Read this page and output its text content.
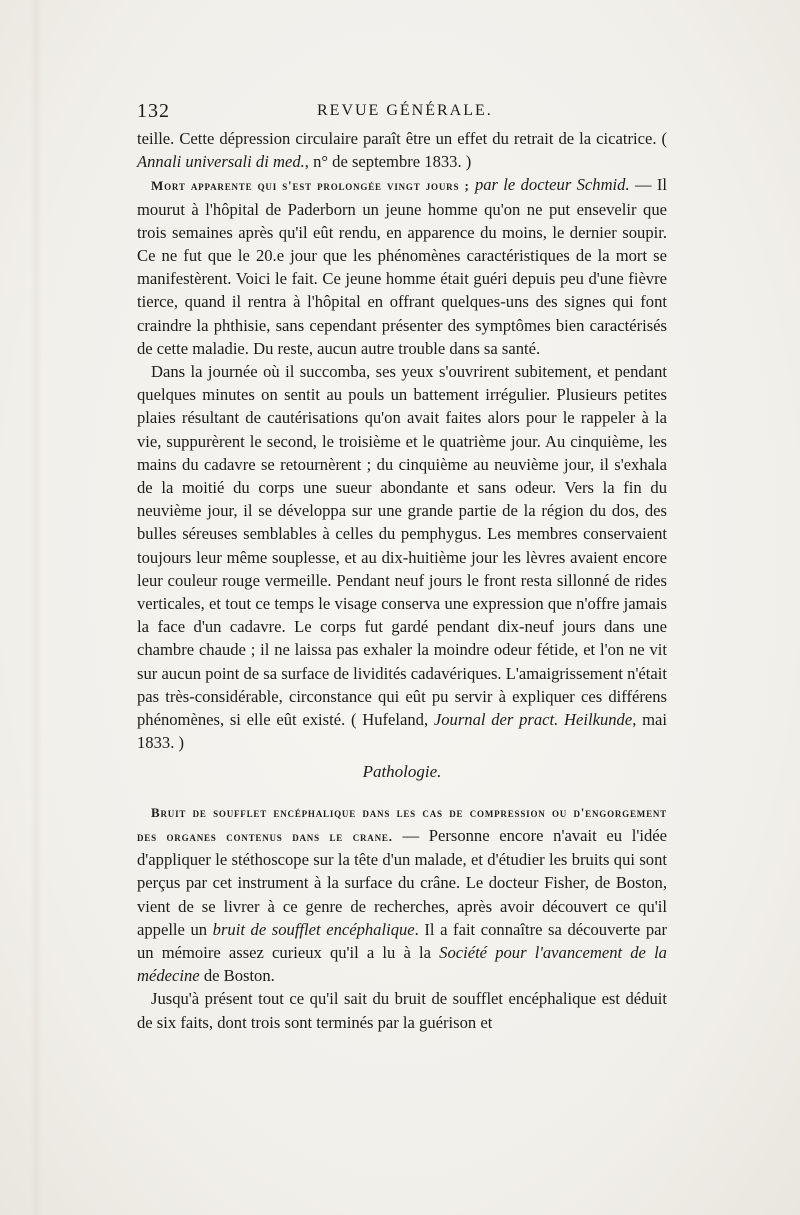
132	REVUE GÉNÉRALE.

teille. Cette dépression circulaire paraît être un effet du retrait de la cicatrice. ( Annali universali di med., n° de septembre 1833. )

Mort apparente qui s'est prolongée vingt jours ; par le docteur Schmid. — Il mourut à l'hôpital de Paderborn un jeune homme qu'on ne put ensevelir que trois semaines après qu'il eût rendu, en apparence du moins, le dernier soupir. Ce ne fut que le 20.e jour que les phénomènes caractéristiques de la mort se manifestèrent. Voici le fait. Ce jeune homme était guéri depuis peu d'une fièvre tierce, quand il rentra à l'hôpital en offrant quelques-uns des signes qui font craindre la phthisie, sans cependant présenter des symptômes bien caractérisés de cette maladie. Du reste, aucun autre trouble dans sa santé.

Dans la journée où il succomba, ses yeux s'ouvrirent subitement, et pendant quelques minutes on sentit au pouls un battement irrégulier. Plusieurs petites plaies résultant de cautérisations qu'on avait faites alors pour le rappeler à la vie, suppurèrent le second, le troisième et le quatrième jour. Au cinquième, les mains du cadavre se retournèrent ; du cinquième au neuvième jour, il s'exhala de la moitié du corps une sueur abondante et sans odeur. Vers la fin du neuvième jour, il se développa sur une grande partie de la région du dos, des bulles séreuses semblables à celles du pemphygus. Les membres conservaient toujours leur même souplesse, et au dix-huitième jour les lèvres avaient encore leur couleur rouge vermeille. Pendant neuf jours le front resta sillonné de rides verticales, et tout ce temps le visage conserva une expression que n'offre jamais la face d'un cadavre. Le corps fut gardé pendant dix-neuf jours dans une chambre chaude ; il ne laissa pas exhaler la moindre odeur fétide, et l'on ne vit sur aucun point de sa surface de lividités cadavériques. L'amaigrissement n'était pas très-considérable, circonstance qui eût pu servir à expliquer ces différens phénomènes, si elle eût existé. ( Hufeland, Journal der pract. Heilkunde, mai 1833. )

Pathologie.

Bruit de soufflet encéphalique dans les cas de compression ou d'engorgement des organes contenus dans le crane. — Personne encore n'avait eu l'idée d'appliquer le stéthoscope sur la tête d'un malade, et d'étudier les bruits qui sont perçus par cet instrument à la surface du crâne. Le docteur Fisher, de Boston, vient de se livrer à ce genre de recherches, après avoir découvert ce qu'il appelle un bruit de soufflet encéphalique. Il a fait connaître sa découverte par un mémoire assez curieux qu'il a lu à la Société pour l'avancement de la médecine de Boston.

Jusqu'à présent tout ce qu'il sait du bruit de soufflet encéphalique est déduit de six faits, dont trois sont terminés par la guérison et
